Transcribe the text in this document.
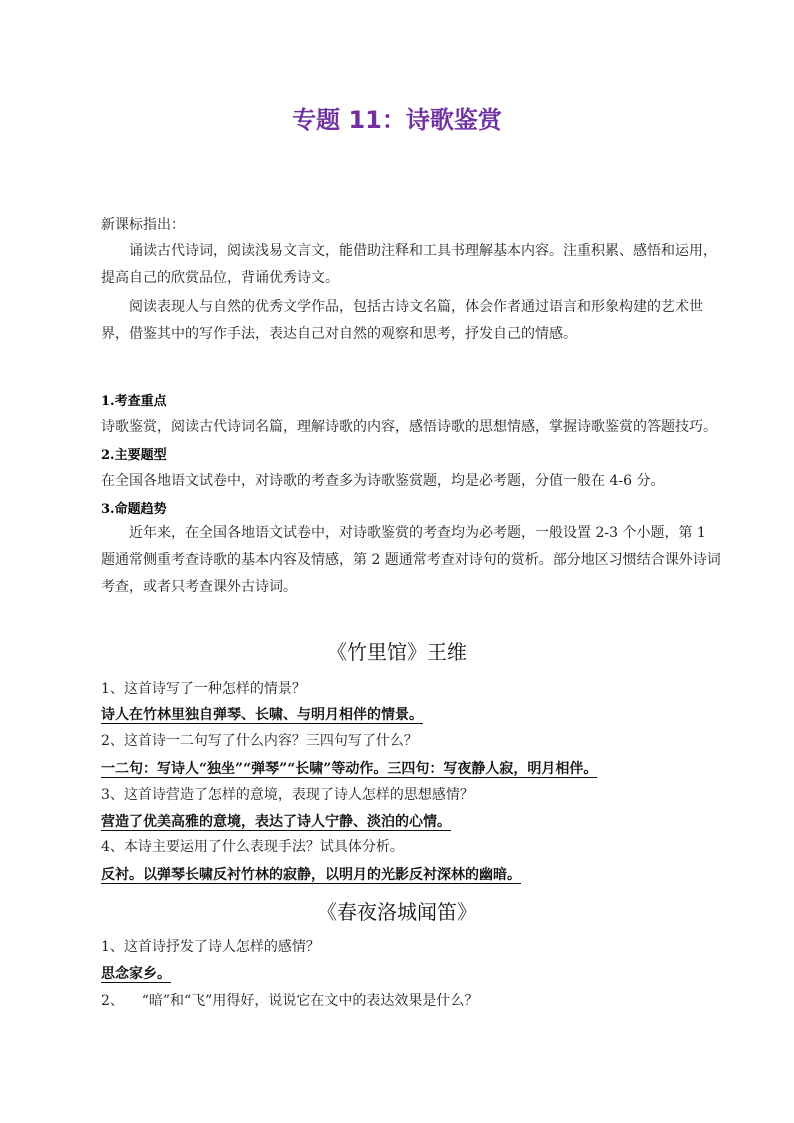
专题 11：诗歌鉴赏
新课标指出：
诵读古代诗词，阅读浅易文言文，能借助注释和工具书理解基本内容。注重积累、感悟和运用，提高自己的欣赏品位，背诵优秀诗文。
阅读表现人与自然的优秀文学作品，包括古诗文名篇，体会作者通过语言和形象构建的艺术世界，借鉴其中的写作手法，表达自己对自然的观察和思考，抒发自己的情感。
1.考查重点
诗歌鉴赏，阅读古代诗词名篇，理解诗歌的内容，感悟诗歌的思想情感，掌握诗歌鉴赏的答题技巧。
2.主要题型
在全国各地语文试卷中，对诗歌的考查多为诗歌鉴赏题，均是必考题，分值一般在 4-6 分。
3.命题趋势
近年来，在全国各地语文试卷中，对诗歌鉴赏的考查均为必考题，一般设置 2-3 个小题，第 1 题通常侧重考查诗歌的基本内容及情感，第 2 题通常考查对诗句的赏析。部分地区习惯结合课外诗词考查，或者只考查课外古诗词。
《竹里馆》王维
1、这首诗写了一种怎样的情景？
诗人在竹林里独自弹琴、长啸、与明月相伴的情景。
2、这首诗一二句写了什么内容？三四句写了什么？
一二句：写诗人“独坐”“弹琴”“长啸”等动作。三四句：写夜静人寂，明月相伴。
3、这首诗营造了怎样的意境，表现了诗人怎样的思想感情？
营造了优美高雅的意境，表达了诗人宁静、淡泊的心情。
4、本诗主要运用了什么表现手法？试具体分析。
反衬。以弹琴长啸反衬竹林的寂静，以明月的光影反衬深林的幽暗。
《春夜洛城闻笛》
1、这首诗抒发了诗人怎样的感情？
思念家乡。
2、    “暗”和“飞”用得好，说说它在文中的表达效果是什么？
